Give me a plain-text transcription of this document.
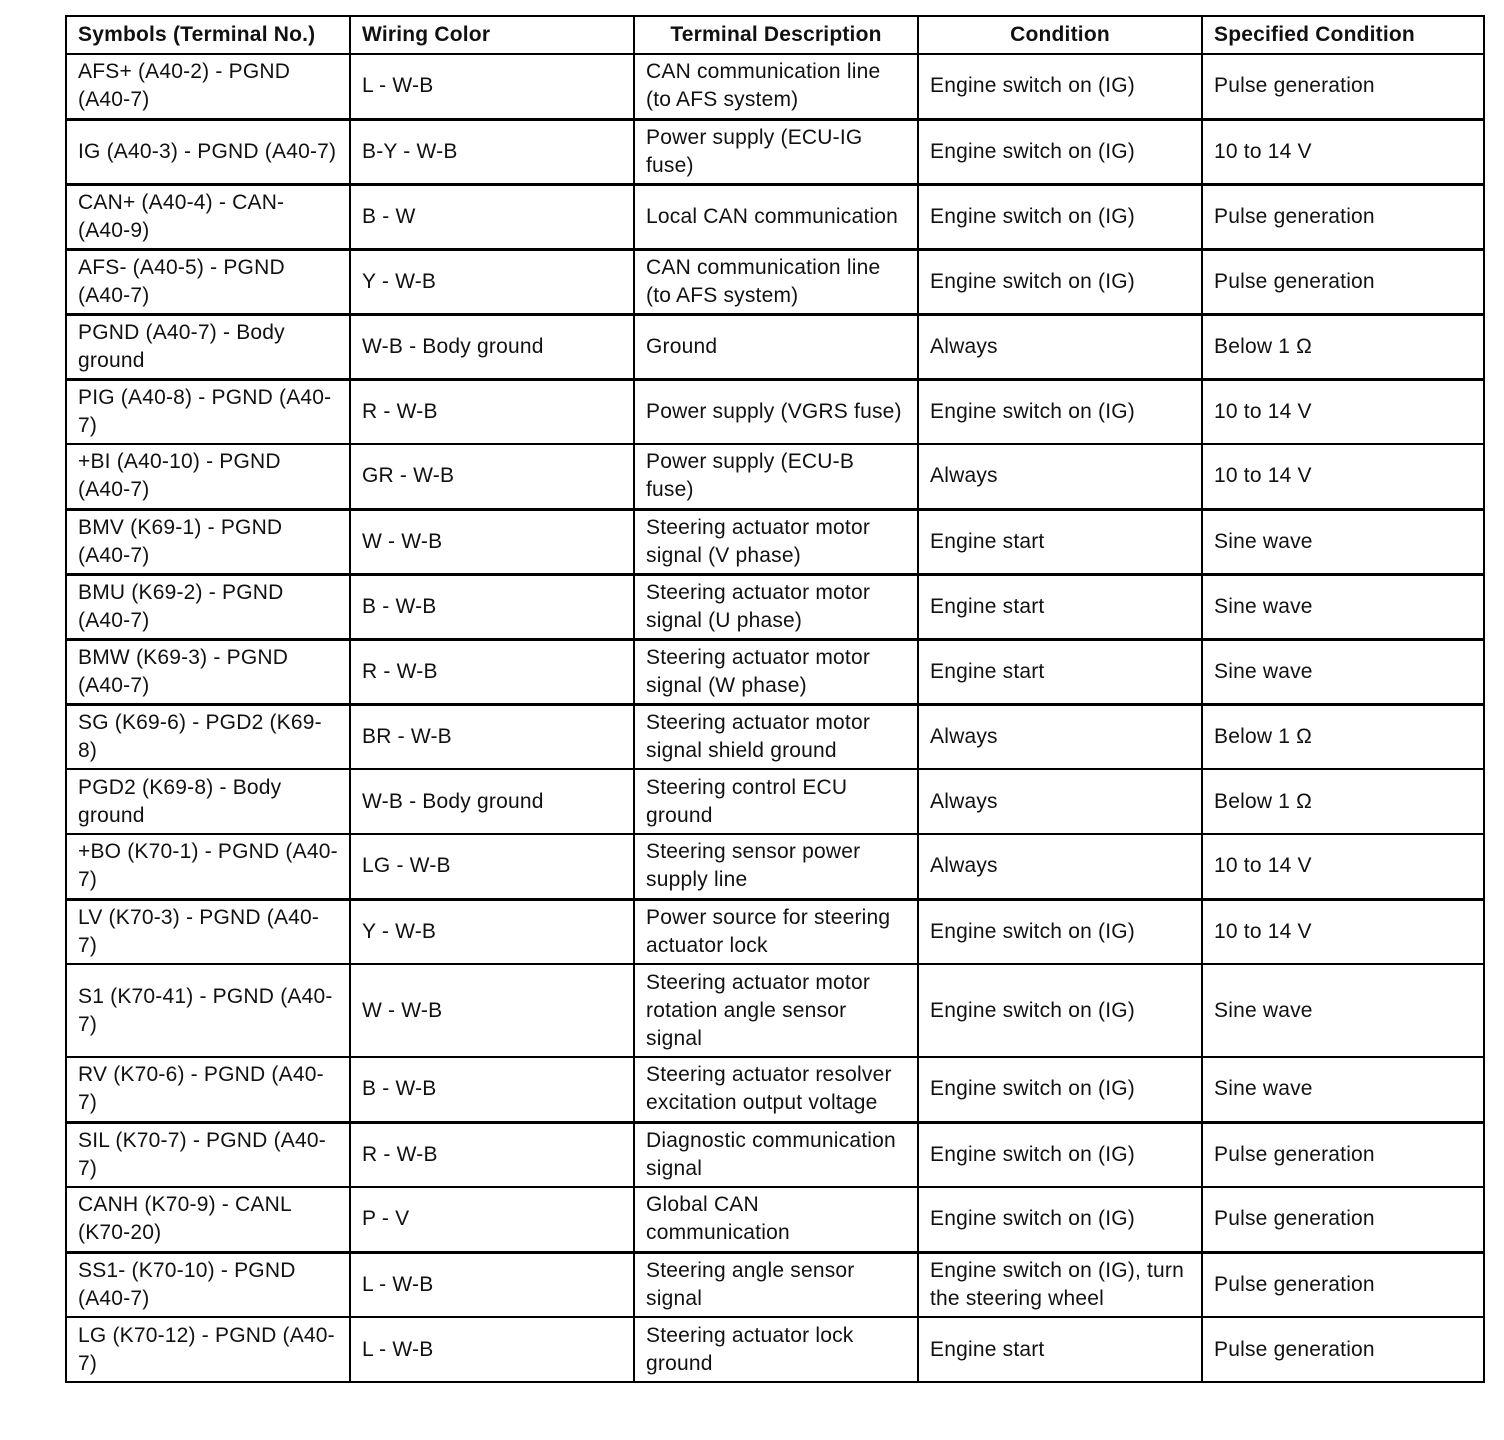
Symbols (Terminal No.)	Wiring Color	Terminal Description	Condition	Specified Condition
AFS+ (A40-2) - PGND (A40-7)	L - W-B	CAN communication line (to AFS system)	Engine switch on (IG)	Pulse generation
IG (A40-3) - PGND (A40-7)	B-Y - W-B	Power supply (ECU-IG fuse)	Engine switch on (IG)	10 to 14 V
CAN+ (A40-4) - CAN- (A40-9)	B - W	Local CAN communication	Engine switch on (IG)	Pulse generation
AFS- (A40-5) - PGND (A40-7)	Y - W-B	CAN communication line (to AFS system)	Engine switch on (IG)	Pulse generation
PGND (A40-7) - Body ground	W-B - Body ground	Ground	Always	Below 1 Ω
PIG (A40-8) - PGND (A40-7)	R - W-B	Power supply (VGRS fuse)	Engine switch on (IG)	10 to 14 V
+BI (A40-10) - PGND (A40-7)	GR - W-B	Power supply (ECU-B fuse)	Always	10 to 14 V
BMV (K69-1) - PGND (A40-7)	W - W-B	Steering actuator motor signal (V phase)	Engine start	Sine wave
BMU (K69-2) - PGND (A40-7)	B - W-B	Steering actuator motor signal (U phase)	Engine start	Sine wave
BMW (K69-3) - PGND (A40-7)	R - W-B	Steering actuator motor signal (W phase)	Engine start	Sine wave
SG (K69-6) - PGD2 (K69-8)	BR - W-B	Steering actuator motor signal shield ground	Always	Below 1 Ω
PGD2 (K69-8) - Body ground	W-B - Body ground	Steering control ECU ground	Always	Below 1 Ω
+BO (K70-1) - PGND (A40-7)	LG - W-B	Steering sensor power supply line	Always	10 to 14 V
LV (K70-3) - PGND (A40-7)	Y - W-B	Power source for steering actuator lock	Engine switch on (IG)	10 to 14 V
S1 (K70-41) - PGND (A40-7)	W - W-B	Steering actuator motor rotation angle sensor signal	Engine switch on (IG)	Sine wave
RV (K70-6) - PGND (A40-7)	B - W-B	Steering actuator resolver excitation output voltage	Engine switch on (IG)	Sine wave
SIL (K70-7) - PGND (A40-7)	R - W-B	Diagnostic communication signal	Engine switch on (IG)	Pulse generation
CANH (K70-9) - CANL (K70-20)	P - V	Global CAN communication	Engine switch on (IG)	Pulse generation
SS1- (K70-10) - PGND (A40-7)	L - W-B	Steering angle sensor signal	Engine switch on (IG), turn the steering wheel	Pulse generation
LG (K70-12) - PGND (A40-7)	L - W-B	Steering actuator lock ground	Engine start	Pulse generation
